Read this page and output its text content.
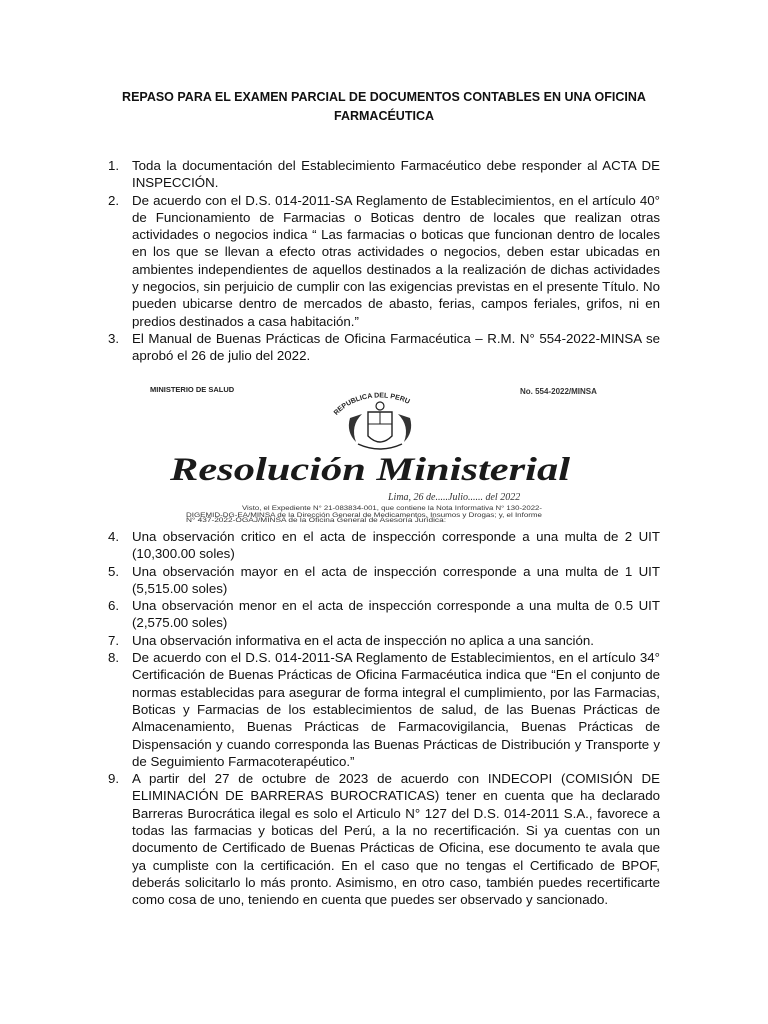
REPASO PARA EL EXAMEN PARCIAL DE DOCUMENTOS CONTABLES EN UNA OFICINA
FARMACÉUTICA
1. Toda la documentación del Establecimiento Farmacéutico debe responder al ACTA DE INSPECCIÓN.
2. De acuerdo con el D.S. 014-2011-SA Reglamento de Establecimientos, en el artículo 40° de Funcionamiento de Farmacias o Boticas dentro de locales que realizan otras actividades o negocios indica “ Las farmacias o boticas que funcionan dentro de locales en los que se llevan a efecto otras actividades o negocios, deben estar ubicadas en ambientes independientes de aquellos destinados a la realización de dichas actividades y negocios, sin perjuicio de cumplir con las exigencias previstas en el presente Título. No pueden ubicarse dentro de mercados de abasto, ferias, campos feriales, grifos, ni en predios destinados a casa habitación.”
3. El Manual de Buenas Prácticas de Oficina Farmacéutica – R.M. N° 554-2022-MINSA se aprobó el 26 de julio del 2022.
MINISTERIO DE SALUD	No. 554-2022/MINSA
REPUBLICA DEL PERU
Resolución Ministerial
Lima, 26 de.....Julio...... del 2022
Visto, el Expediente N° 21-083834-001, que contiene la Nota Informativa N° 130-2022-
DIGEMID-DG-EA/MINSA de la Dirección General de Medicamentos, Insumos y Drogas; y, el Informe
N° 437-2022-OGAJ/MINSA de la Oficina General de Asesoría Jurídica;
4. Una observación critico en el acta de inspección corresponde a una multa de 2 UIT (10,300.00 soles)
5. Una observación mayor en el acta de inspección corresponde a una multa de 1 UIT (5,515.00 soles)
6. Una observación menor en el acta de inspección corresponde a una multa de 0.5 UIT (2,575.00 soles)
7. Una observación informativa en el acta de inspección no aplica a una sanción.
8. De acuerdo con el D.S. 014-2011-SA Reglamento de Establecimientos, en el artículo 34° Certificación de Buenas Prácticas de Oficina Farmacéutica indica que “En el conjunto de normas establecidas para asegurar de forma integral el cumplimiento, por las Farmacias, Boticas y Farmacias de los establecimientos de salud, de las Buenas Prácticas de Almacenamiento, Buenas Prácticas de Farmacovigilancia, Buenas Prácticas de Dispensación y cuando corresponda las Buenas Prácticas de Distribución y Transporte y de Seguimiento Farmacoterapéutico.”
9. A partir del 27 de octubre de 2023 de acuerdo con INDECOPI (COMISIÓN DE ELIMINACIÓN DE BARRERAS BUROCRATICAS) tener en cuenta que ha declarado Barreras Burocrática ilegal es solo el Articulo N° 127 del D.S. 014-2011 S.A., favorece a todas las farmacias y boticas del Perú, a la no recertificación. Si ya cuentas con un documento de Certificado de Buenas Prácticas de Oficina, ese documento te avala que ya cumpliste con la certificación. En el caso que no tengas el Certificado de BPOF, deberás solicitarlo lo más pronto. Asimismo, en otro caso, también puedes recertificarte como cosa de uno, teniendo en cuenta que puedes ser observado y sancionado.
